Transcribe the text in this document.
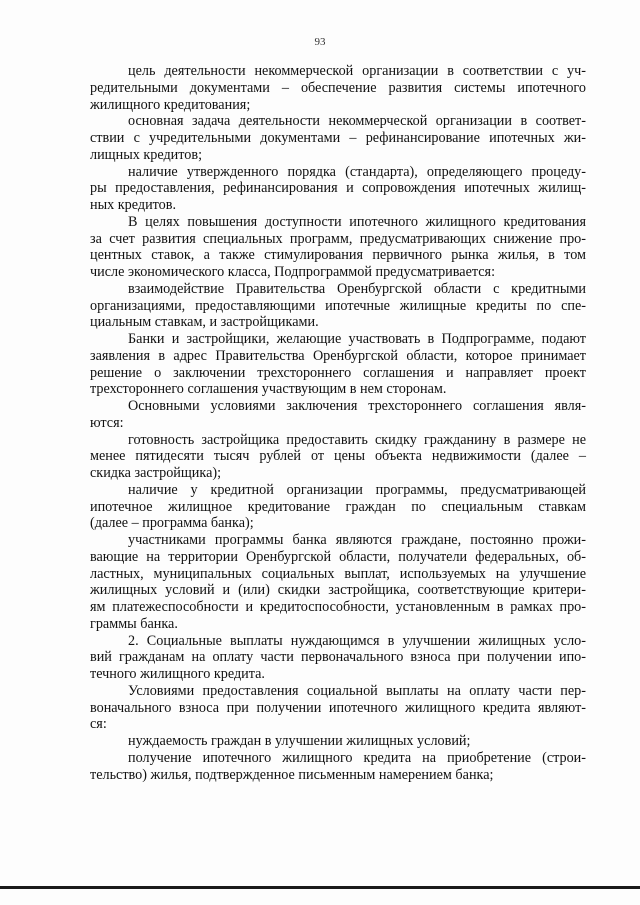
93
цель деятельности некоммерческой организации в соответствии с уч-
редительными документами – обеспечение развития системы ипотечного
жилищного кредитования;
основная задача деятельности некоммерческой организации в соответ-
ствии с учредительными документами – рефинансирование ипотечных жи-
лищных кредитов;
наличие утвержденного порядка (стандарта), определяющего процеду-
ры предоставления, рефинансирования и сопровождения ипотечных жилищ-
ных кредитов.
В целях повышения доступности ипотечного жилищного кредитования
за счет развития специальных программ, предусматривающих снижение про-
центных ставок, а также стимулирования первичного рынка жилья, в том
числе экономического класса, Подпрограммой предусматривается:
взаимодействие Правительства Оренбургской области с кредитными
организациями, предоставляющими ипотечные жилищные кредиты по спе-
циальным ставкам, и застройщиками.
Банки и застройщики, желающие участвовать в Подпрограмме, подают
заявления в адрес Правительства Оренбургской области, которое принимает
решение о заключении трехстороннего соглашения и направляет проект
трехстороннего соглашения участвующим в нем сторонам.
Основными условиями заключения трехстороннего соглашения явля-
ются:
готовность застройщика предоставить скидку гражданину в размере не
менее пятидесяти тысяч рублей от цены объекта недвижимости (далее –
скидка застройщика);
наличие у кредитной организации программы, предусматривающей
ипотечное жилищное кредитование граждан по специальным ставкам
(далее – программа банка);
участниками программы банка являются граждане, постоянно прожи-
вающие на территории Оренбургской области, получатели федеральных, об-
ластных, муниципальных социальных выплат, используемых на улучшение
жилищных условий и (или) скидки застройщика, соответствующие критери-
ям платежеспособности и кредитоспособности, установленным в рамках про-
граммы банка.
2. Социальные выплаты нуждающимся в улучшении жилищных усло-
вий гражданам на оплату части первоначального взноса при получении ипо-
течного жилищного кредита.
Условиями предоставления социальной выплаты на оплату части пер-
воначального взноса при получении ипотечного жилищного кредита являют-
ся:
нуждаемость граждан в улучшении жилищных условий;
получение ипотечного жилищного кредита на приобретение (строи-
тельство) жилья, подтвержденное письменным намерением банка;
